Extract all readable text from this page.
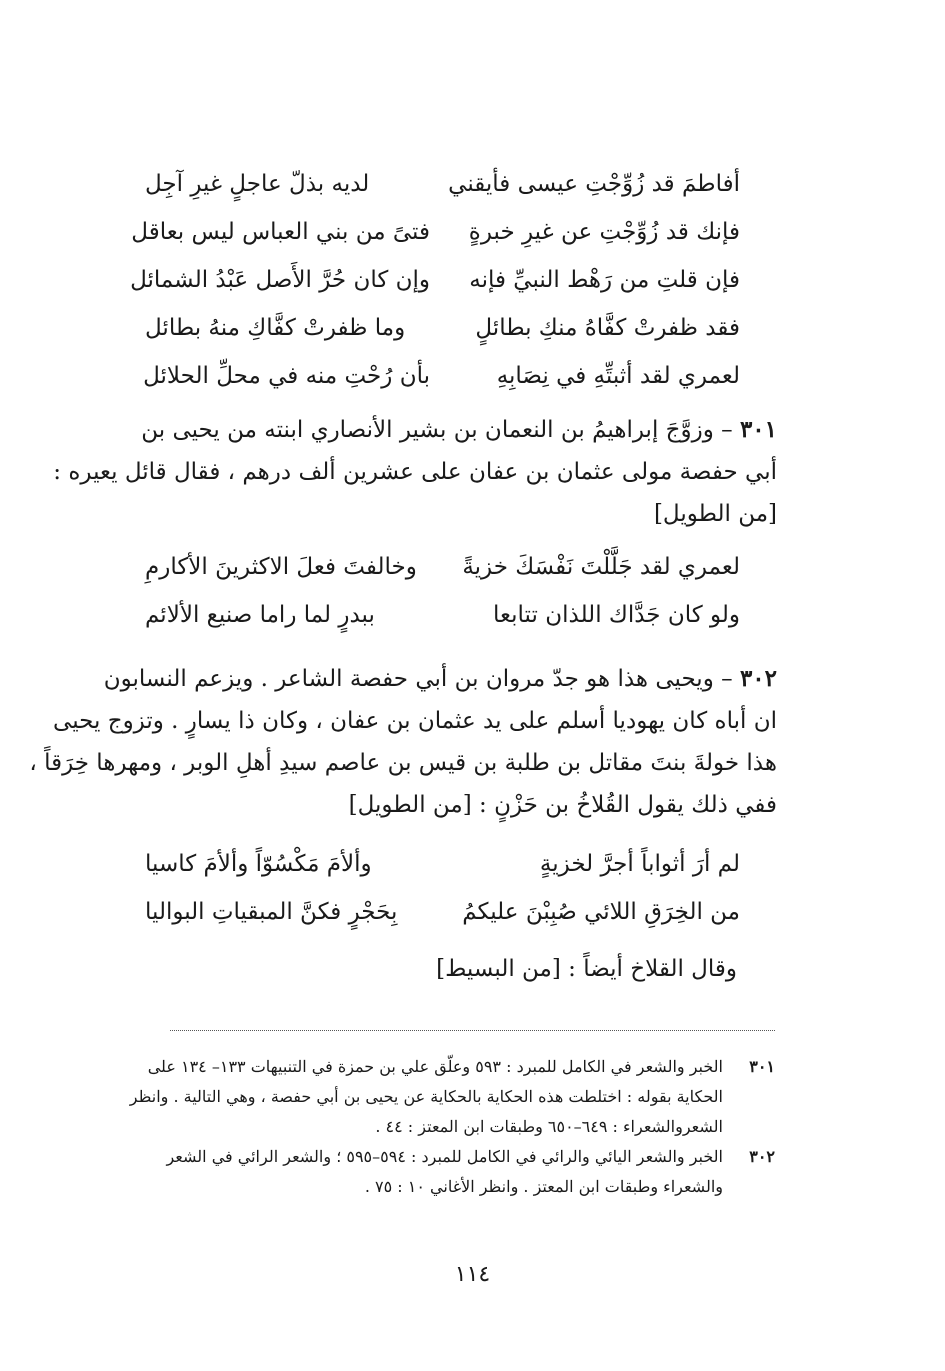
أفاطمَ قد زُوِّجْتِ عيسى فأيقني
لديه بذلّ عاجلٍ غيرِ آجِل
فإنك قد زُوِّجْتِ عن غيرِ خبرةٍ
فتىً من بني العباس ليس بعاقل
فإن قلتِ من رَهْط النبيِّ فإنه
وإن كان حُرَّ الأَصل عَبْدُ الشمائل
فقد ظفرتْ كفَّاهُ منكِ بطائلٍ
وما ظفرتْ كفَّاكِ منهُ بطائل
لعمري لقد أثبتِّهِ في نِصَابِهِ
بأن رُحْتِ منه في محلِّ الحلائل
٣٠١ – وزوَّجَ إبراهيمُ بن النعمان بن بشير الأنصاري ابنته من يحيى بن
أبي حفصة مولى عثمان بن عفان على عشرين ألف درهم ، فقال قائل يعيره :
[من الطويل]
لعمري لقد جَلَّلْتَ نَفْسَكَ خزيةً
وخالفتَ فعلَ الاكثرينَ الأكارمِ
ولو كان جَدَّاك اللذان تتابعا
ببدرٍ لما راما صنيع الألائم
٣٠٢ – ويحيى هذا هو جدّ مروان بن أبي حفصة الشاعر . ويزعم النسابون
ان أباه كان يهوديا أسلم على يد عثمان بن عفان ، وكان ذا يسارٍ . وتزوج يحيى
هذا خولةَ بنتَ مقاتل بن طلبة بن قيس بن عاصم سيدِ أهلِ الوبر ، ومهرها خِرَقاً ،
ففي ذلك يقول القُلاخُ بن حَزْنٍ : [من الطويل]
لم أرَ أثواباً أجرَّ لخزيةٍ
وألأمَ مَكْسُوّاً وألأمَ كاسيا
من الخِرَقِ اللائي صُبِبْنَ عليكمُ
بِحَجْرٍ فكنَّ المبقياتِ البواليا
وقال القلاخ أيضاً : [من البسيط]
٣٠١
الخبر والشعر في الكامل للمبرد : ٥٩٣ وعلّق علي بن حمزة في التنبيهات ١٣٣– ١٣٤ على
الحكاية بقوله : اختلطت هذه الحكاية بالحكاية عن يحيى بن أبي حفصة ، وهي التالية . وانظر
الشعروالشعراء : ٦٤٩–٦٥٠ وطبقات ابن المعتز : ٤٤ .
٣٠٢
الخبر والشعر اليائي والرائي في الكامل للمبرد : ٥٩٤–٥٩٥ ؛ والشعر الرائي في الشعر
والشعراء وطبقات ابن المعتز . وانظر الأغاني ١٠ : ٧٥ .
١١٤
